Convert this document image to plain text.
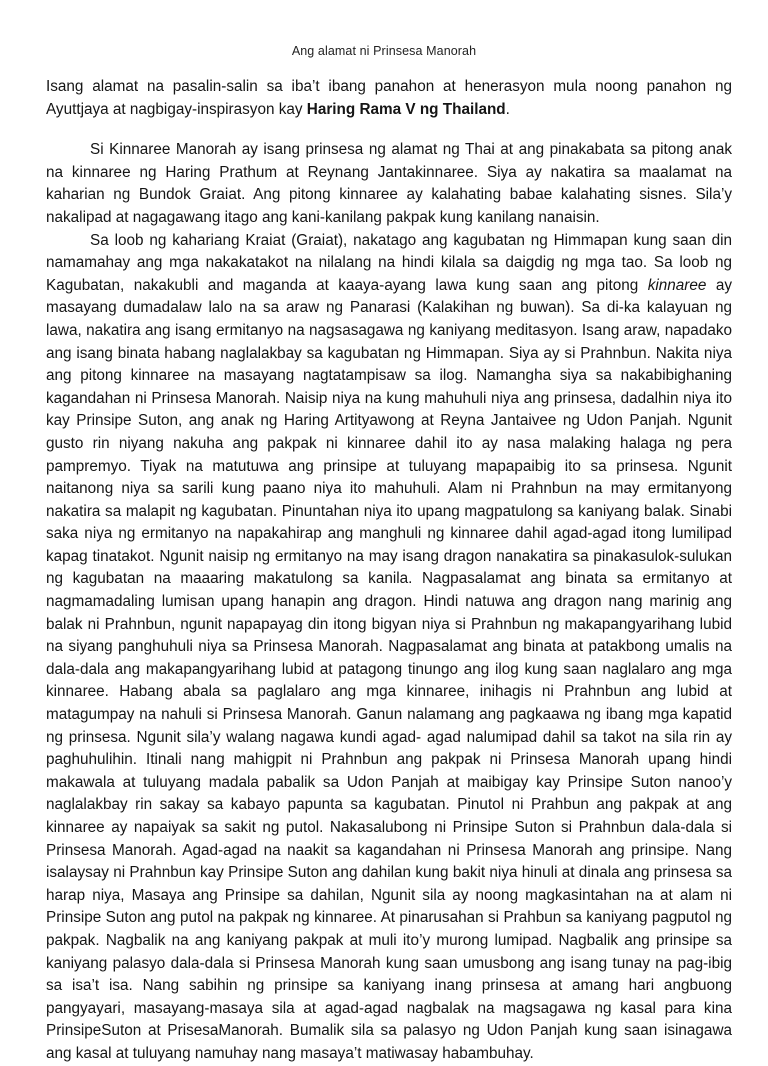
Ang alamat ni Prinsesa Manorah

Isang alamat na pasalin-salin sa iba’t ibang panahon at henerasyon mula noong panahon ng Ayuttjaya at nagbigay-inspirasyon kay Haring Rama V ng Thailand.

Si Kinnaree Manorah ay isang prinsesa ng alamat ng Thai at ang pinakabata sa pitong anak na kinnaree ng Haring Prathum at Reynang Jantakinnaree. Siya ay nakatira sa maalamat na kaharian ng Bundok Graiat. Ang pitong kinnaree ay kalahating babae kalahating sisnes. Sila’y nakalipad at nagagawang itago ang kani-kanilang pakpak kung kanilang nanaisin.

Sa loob ng kahariang Kraiat (Graiat), nakatago ang kagubatan ng Himmapan kung saan din namamahay ang mga nakakatakot na nilalang na hindi kilala sa daigdig ng mga tao. Sa loob ng Kagubatan, nakakubli and maganda at kaaya-ayang lawa kung saan ang pitong kinnaree ay masayang dumadalaw lalo na sa araw ng Panarasi (Kalakihan ng buwan). Sa di-ka kalayuan ng lawa, nakatira ang isang ermitanyo na nagsasagawa ng kaniyang meditasyon. Isang araw, napadako ang isang binata habang naglalakbay sa kagubatan ng Himmapan. Siya ay si Prahnbun. Nakita niya ang pitong kinnaree na masayang nagtatampisaw sa ilog. Namangha siya sa nakabibighaning kagandahan ni Prinsesa Manorah. Naisip niya na kung mahuhuli niya ang prinsesa, dadalhin niya ito kay Prinsipe Suton, ang anak ng Haring Artityawong at Reyna Jantaivee ng Udon Panjah. Ngunit gusto rin niyang nakuha ang pakpak ni kinnaree dahil ito ay nasa malaking halaga ng pera pampremyo. Tiyak na matutuwa ang prinsipe at tuluyang mapapaibig ito sa prinsesa. Ngunit naitanong niya sa sarili kung paano niya ito mahuhuli. Alam ni Prahnbun na may ermitanyong nakatira sa malapit ng kagubatan. Pinuntahan niya ito upang magpatulong sa kaniyang balak. Sinabi saka niya ng ermitanyo na napakahirap ang manghuli ng kinnaree dahil agad-agad itong lumilipad kapag tinatakot. Ngunit naisip ng ermitanyo na may isang dragon nanakatira sa pinakasulok-sulukan ng kagubatan na maaaring makatulong sa kanila. Nagpasalamat ang binata sa ermitanyo at nagmamadaling lumisan upang hanapin ang dragon. Hindi natuwa ang dragon nang marinig ang balak ni Prahnbun, ngunit napapayag din itong bigyan niya si Prahnbun ng makapangyarihang lubid na siyang panghuhuli niya sa Prinsesa Manorah. Nagpasalamat ang binata at patakbong umalis na dala-dala ang makapangyarihang lubid at patagong tinungo ang ilog kung saan naglalaro ang mga kinnaree. Habang abala sa paglalaro ang mga kinnaree, inihagis ni Prahnbun ang lubid at matagumpay na nahuli si Prinsesa Manorah. Ganun nalamang ang pagkaawa ng ibang mga kapatid ng prinsesa. Ngunit sila’y walang nagawa kundi agad- agad nalumipad dahil sa takot na sila rin ay paghuhulihin. Itinali nang mahigpit ni Prahnbun ang pakpak ni Prinsesa Manorah upang hindi makawala at tuluyang madala pabalik sa Udon Panjah at maibigay kay Prinsipe Suton nanoo’y naglalakbay rin sakay sa kabayo papunta sa kagubatan. Pinutol ni Prahbun ang pakpak at ang kinnaree ay napaiyak sa sakit ng putol. Nakasalubong ni Prinsipe Suton si Prahnbun dala-dala si Prinsesa Manorah. Agad-agad na naakit sa kagandahan ni Prinsesa Manorah ang prinsipe. Nang isalaysay ni Prahnbun kay Prinsipe Suton ang dahilan kung bakit niya hinuli at dinala ang prinsesa sa harap niya, Masaya ang Prinsipe sa dahilan, Ngunit sila ay noong magkasintahan na at alam ni Prinsipe Suton ang putol na pakpak ng kinnaree. At pinarusahan si Prahbun sa kaniyang pagputol ng pakpak. Nagbalik na ang kaniyang pakpak at muli ito’y murong lumipad. Nagbalik ang prinsipe sa kaniyang palasyo dala-dala si Prinsesa Manorah kung saan umusbong ang isang tunay na pag-ibig sa isa’t isa. Nang sabihin ng prinsipe sa kaniyang inang prinsesa at amang hari angbuong pangyayari, masayang-masaya sila at agad-agad nagbalak na magsagawa ng kasal para kina PrinsipeSuton at PrisesaManorah. Bumalik sila sa palasyo ng Udon Panjah kung saan isinagawa ang kasal at tuluyang namuhay nang masaya’t matiwasay habambuhay.
